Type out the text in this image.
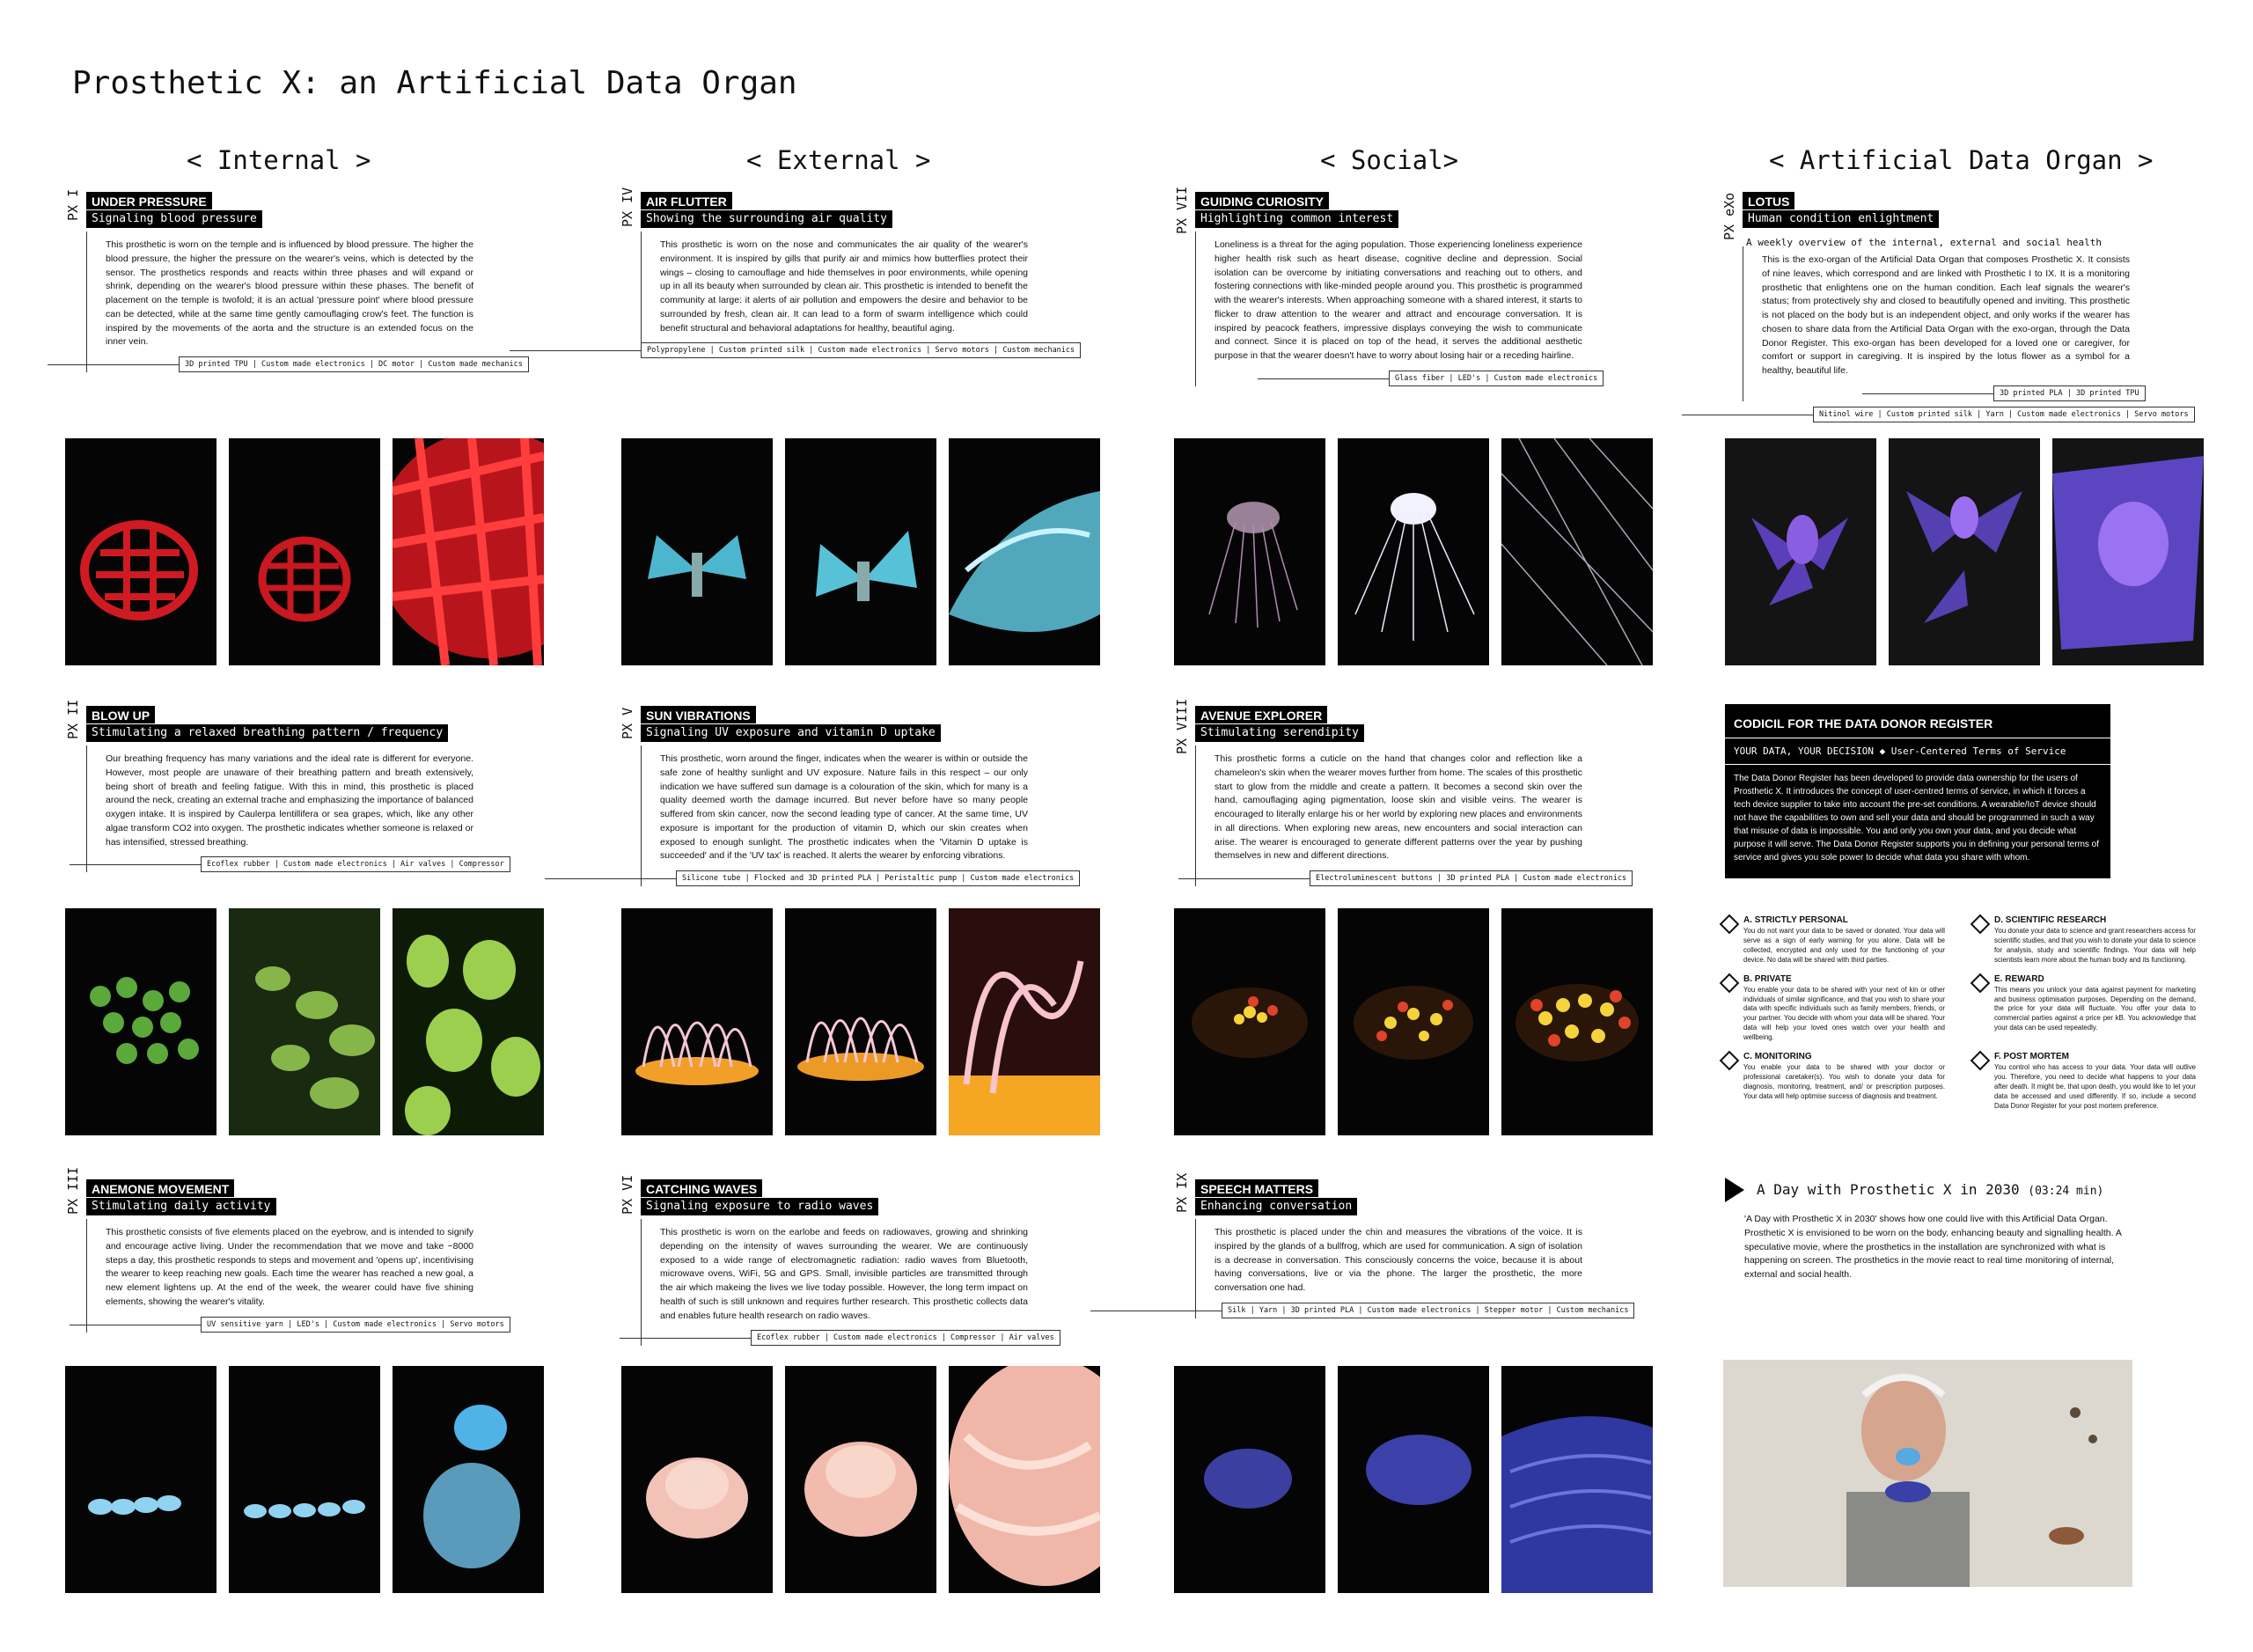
Prosthetic X: an Artificial Data Organ
< Internal >	< External >	< Social>	< Artificial Data Organ >
PX I UNDER PRESSURE
Signaling blood pressure
This prosthetic is worn on the temple and is influenced by blood pressure. The higher the blood pressure, the higher the pressure on the wearer's veins, which is detected by the sensor. The prosthetics responds and reacts within three phases and will expand or shrink, depending on the wearer's blood pressure within these phases. The benefit of placement on the temple is twofold; it is an actual 'pressure point' where blood pressure can be detected, while at the same time gently camouflaging crow's feet. The function is inspired by the movements of the aorta and the structure is an extended focus on the inner vein.
3D printed TPU | Custom made electronics | DC motor | Custom made mechanics
PX II BLOW UP
Stimulating a relaxed breathing pattern / frequency
Our breathing frequency has many variations and the ideal rate is different for everyone. However, most people are unaware of their breathing pattern and breath extensively, being short of breath and feeling fatigue. With this in mind, this prosthetic is placed around the neck, creating an external trache and emphasizing the importance of balanced oxygen intake. It is inspired by Caulerpa lentillifera or sea grapes, which, like any other algae transform CO2 into oxygen. The prosthetic indicates whether someone is relaxed or has intensified, stressed breathing.
Ecoflex rubber | Custom made electronics | Air valves | Compressor
PX III ANEMONE MOVEMENT
Stimulating daily activity
This prosthetic consists of five elements placed on the eyebrow, and is intended to signify and encourage active living. Under the recommendation that we move and take ~8000 steps a day, this prosthetic responds to steps and movement and 'opens up', incentivising the wearer to keep reaching new goals. Each time the wearer has reached a new goal, a new element lightens up. At the end of the week, the wearer could have five shining elements, showing the wearer's vitality.
UV sensitive yarn | LED's | Custom made electronics | Servo motors
PX IV AIR FLUTTER
Showing the surrounding air quality
This prosthetic is worn on the nose and communicates the air quality of the wearer's environment. It is inspired by gills that purify air and mimics how butterflies protect their wings – closing to camouflage and hide themselves in poor environments, while opening up in all its beauty when surrounded by clean air. This prosthetic is intended to benefit the community at large: it alerts of air pollution and empowers the desire and behavior to be surrounded by fresh, clean air. It can lead to a form of swarm intelligence which could benefit structural and behavioral adaptations for healthy, beautiful aging.
Polypropylene | Custom printed silk | Custom made electronics | Servo motors | Custom mechanics
PX V SUN VIBRATIONS
Signaling UV exposure and vitamin D uptake
This prosthetic, worn around the finger, indicates when the wearer is within or outside the safe zone of healthy sunlight and UV exposure. Nature fails in this respect – our only indication we have suffered sun damage is a colouration of the skin, which for many is a quality deemed worth the damage incurred. But never before have so many people suffered from skin cancer, now the second leading type of cancer. At the same time, UV exposure is important for the production of vitamin D, which our skin creates when exposed to enough sunlight. The prosthetic indicates when the 'Vitamin D uptake is succeeded' and if the 'UV tax' is reached. It alerts the wearer by enforcing vibrations.
Silicone tube | Flocked and 3D printed PLA | Peristaltic pump | Custom made electronics
PX VI CATCHING WAVES
Signaling exposure to radio waves
This prosthetic is worn on the earlobe and feeds on radiowaves, growing and shrinking depending on the intensity of waves surrounding the wearer. We are continuously exposed to a wide range of electromagnetic radiation: radio waves from Bluetooth, microwave ovens, WiFi, 5G and GPS. Small, invisible particles are transmitted through the air which makeing the lives we live today possible. However, the long term impact on health of such is still unknown and requires further research. This prosthetic collects data and enables future health research on radio waves.
Ecoflex rubber | Custom made electronics | Compressor | Air valves
PX VII GUIDING CURIOSITY
Highlighting common interest
Loneliness is a threat for the aging population. Those experiencing loneliness experience higher health risk such as heart disease, cognitive decline and depression. Social isolation can be overcome by initiating conversations and reaching out to others, and fostering connections with like-minded people around you. This prosthetic is programmed with the wearer's interests. When approaching someone with a shared interest, it starts to flicker to draw attention to the wearer and attract and encourage conversation. It is inspired by peacock feathers, impressive displays conveying the wish to communicate and connect. Since it is placed on top of the head, it serves the additional aesthetic purpose in that the wearer doesn't have to worry about losing hair or a receding hairline.
Glass fiber | LED's | Custom made electronics
PX VIII AVENUE EXPLORER
Stimulating serendipity
This prosthetic forms a cuticle on the hand that changes color and reflection like a chameleon's skin when the wearer moves further from home. The scales of this prosthetic start to glow from the middle and create a pattern. It becomes a second skin over the hand, camouflaging aging pigmentation, loose skin and visible veins. The wearer is encouraged to literally enlarge his or her world by exploring new places and environments in all directions. When exploring new areas, new encounters and social interaction can arise. The wearer is encouraged to generate different patterns over the year by pushing themselves in new and different directions.
Electroluminescent buttons | 3D printed PLA | Custom made electronics
PX IX SPEECH MATTERS
Enhancing conversation
This prosthetic is placed under the chin and measures the vibrations of the voice. It is inspired by the glands of a bullfrog, which are used for communication. A sign of isolation is a decrease in conversation. This consciously concerns the voice, because it is about having conversations, live or via the phone. The larger the prosthetic, the more conversation one had.
Silk | Yarn | 3D printed PLA | Custom made electronics | Stepper motor | Custom mechanics
PX eXo LOTUS
Human condition enlightment
A weekly overview of the internal, external and social health
This is the exo-organ of the Artificial Data Organ that composes Prosthetic X. It consists of nine leaves, which correspond and are linked with Prosthetic I to IX. It is a monitoring prosthetic that enlightens one on the human condition. Each leaf signals the wearer's status; from protectively shy and closed to beautifully opened and inviting. This prosthetic is not placed on the body but is an independent object, and only works if the wearer has chosen to share data from the Artificial Data Organ with the exo-organ, through the Data Donor Register. This exo-organ has been developed for a loved one or caregiver, for comfort or support in caregiving. It is inspired by the lotus flower as a symbol for a healthy, beautiful life.
3D printed PLA | 3D printed TPU
Nitinol wire | Custom printed silk | Yarn | Custom made electronics | Servo motors
CODICIL FOR THE DATA DONOR REGISTER
YOUR DATA, YOUR DECISION ◆ User-Centered Terms of Service

The Data Donor Register has been developed to provide data ownership for the users of Prosthetic X. It introduces the concept of user-centred terms of service, in which it forces a tech device supplier to take into account the pre-set conditions. A wearable/IoT device should not have the capabilities to own and sell your data and should be programmed in such a way that misuse of data is impossible. You and only you own your data, and you decide what purpose it will serve. The Data Donor Register supports you in defining your personal terms of service and gives you sole power to decide what data you share with whom.

A. STRICTLY PERSONAL

You do not want your data to be saved or donated. Your data will serve as a sign of early warning for you alone. Data will be collected, encrypted and only used for the functioning of your device. No data will be shared with third parties.

D. SCIENTIFIC RESEARCH

You donate your data to science and grant researchers access for scientific studies, and that you wish to donate your data to science for analysis, study and scientific findings. Your data will help scientists learn more about the human body and its functioning.

B. PRIVATE

You enable your data to be shared with your next of kin or other individuals of similar significance, and that you wish to share your data with specific individuals such as family members, friends, or your partner. You decide with whom your data will be shared. Your data will help your loved ones watch over your health and wellbeing.

E. REWARD

This means you unlock your data against payment for marketing and business optimisation purposes. Depending on the demand, the price for your data will fluctuate. You offer your data to commercial parties against a price per kB. You acknowledge that your data can be used repeatedly.

C. MONITORING

You enable your data to be shared with your doctor or professional caretaker(s). You wish to donate your data for diagnosis, monitoring, treatment, and/ or prescription purposes. Your data will help optimise success of diagnosis and treatment.

F. POST MORTEM

You control who has access to your data. Your data will outlive you. Therefore, you need to decide what happens to your data after death. It might be, that upon death, you would like to let your data be accessed and used differently. If so, include a second Data Donor Register for your post mortem preference.

A Day with Prosthetic X in 2030 (03:24 min)
'A Day with Prosthetic X in 2030' shows how one could live with this Artificial Data Organ. Prosthetic X is envisioned to be worn on the body, enhancing beauty and signalling health. A speculative movie, where the prosthetics in the installation are synchronized with what is happening on screen. The prosthetics in the movie react to real time monitoring of internal, external and social health.
